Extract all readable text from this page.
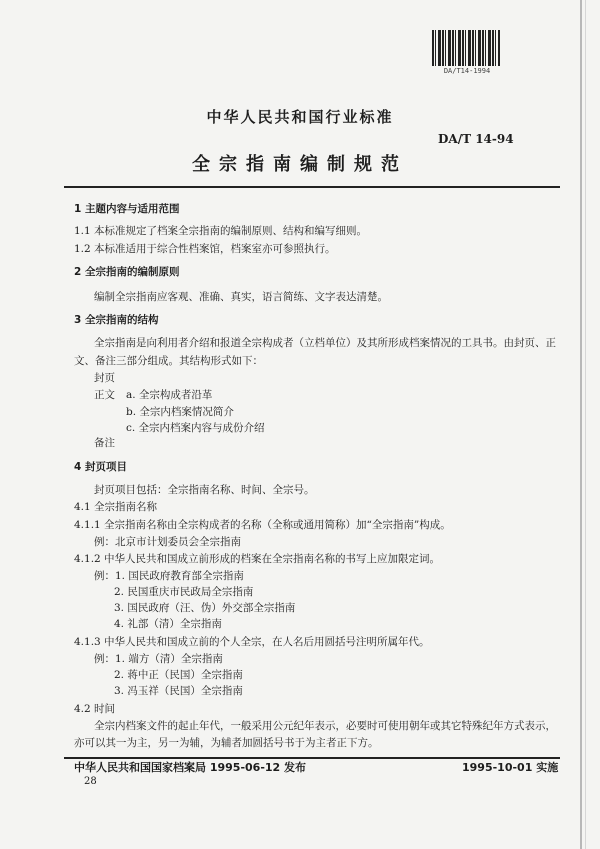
DA/T14-1994
中华人民共和国行业标准
DA/T 14-94
全宗指南编制规范
1 主题内容与适用范围
1.1 本标准规定了档案全宗指南的编制原则、结构和编写细则。
1.2 本标准适用于综合性档案馆，档案室亦可参照执行。
2 全宗指南的编制原则
编制全宗指南应客观、准确、真实，语言简练、文字表达清楚。
3 全宗指南的结构
全宗指南是向利用者介绍和报道全宗构成者（立档单位）及其所形成档案情况的工具书。由封页、正
文、备注三部分组成。其结构形式如下：
封页
正文 a. 全宗构成者沿革
b. 全宗内档案情况简介
c. 全宗内档案内容与成份介绍
备注
4 封页项目
封页项目包括：全宗指南名称、时间、全宗号。
4.1 全宗指南名称
4.1.1 全宗指南名称由全宗构成者的名称（全称或通用简称）加“全宗指南”构成。
例：北京市计划委员会全宗指南
4.1.2 中华人民共和国成立前形成的档案在全宗指南名称的书写上应加限定词。
例：1. 国民政府教育部全宗指南
2. 民国重庆市民政局全宗指南
3. 国民政府（汪、伪）外交部全宗指南
4. 礼部（清）全宗指南
4.1.3 中华人民共和国成立前的个人全宗，在人名后用圆括号注明所属年代。
例：1. 端方（清）全宗指南
2. 蒋中正（民国）全宗指南
3. 冯玉祥（民国）全宗指南
4.2 时间
全宗内档案文件的起止年代，一般采用公元纪年表示，必要时可使用朝年或其它特殊纪年方式表示，
亦可以其一为主，另一为辅，为辅者加圆括号书于为主者正下方。
中华人民共和国国家档案局 1995-06-12 发布	1995-10-01 实施
28
